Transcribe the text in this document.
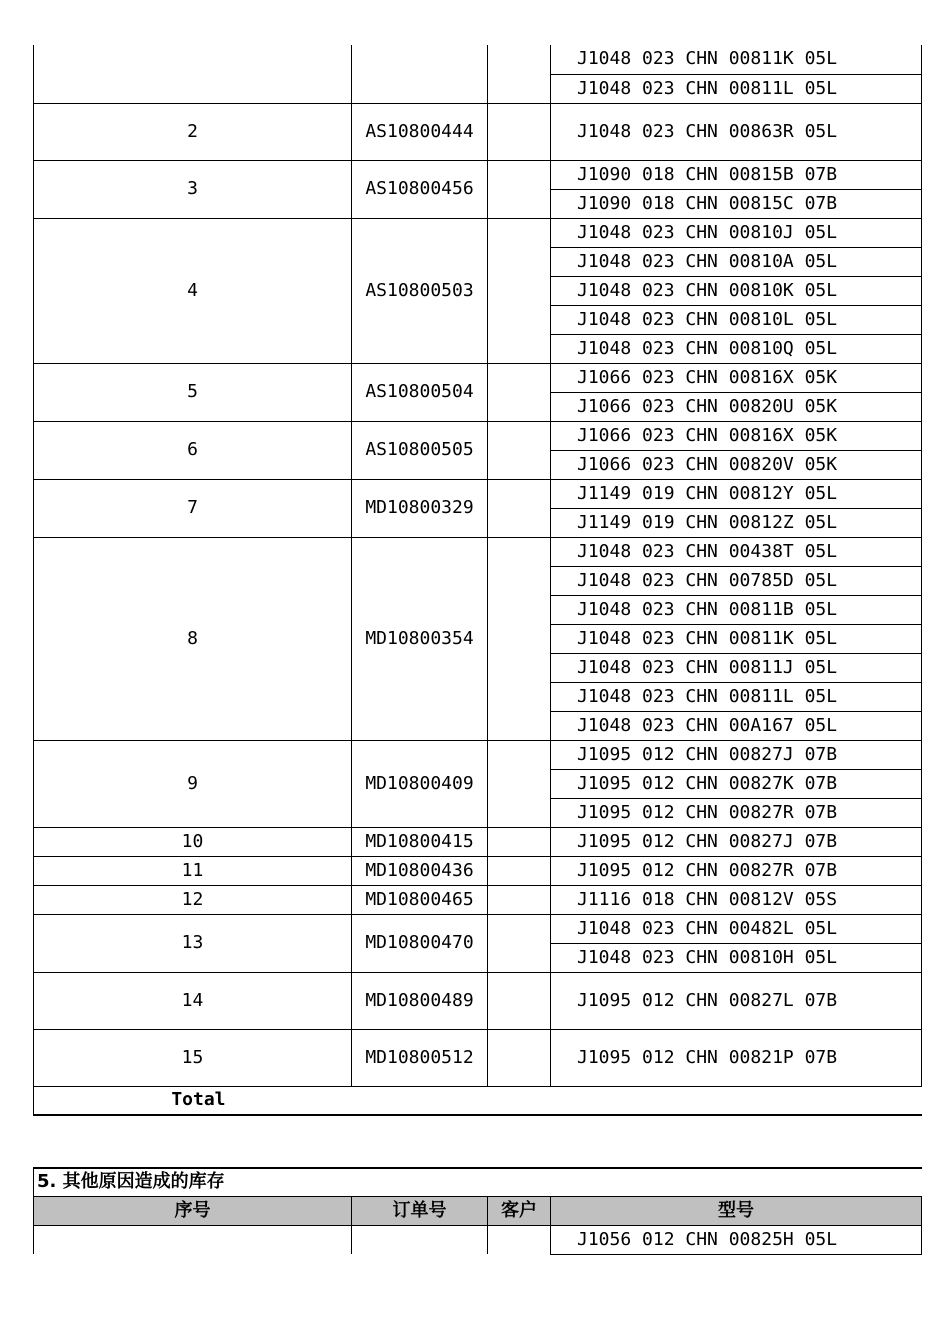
			J1048 023 CHN 00811K 05L
			J1048 023 CHN 00811L 05L
2	AS10800444		J1048 023 CHN 00863R 05L
3	AS10800456		J1090 018 CHN 00815B 07B
			J1090 018 CHN 00815C 07B
4	AS10800503		J1048 023 CHN 00810J 05L
			J1048 023 CHN 00810A 05L
			J1048 023 CHN 00810K 05L
			J1048 023 CHN 00810L 05L
			J1048 023 CHN 00810Q 05L
5	AS10800504		J1066 023 CHN 00816X 05K
			J1066 023 CHN 00820U 05K
6	AS10800505		J1066 023 CHN 00816X 05K
			J1066 023 CHN 00820V 05K
7	MD10800329		J1149 019 CHN 00812Y 05L
			J1149 019 CHN 00812Z 05L
8	MD10800354		J1048 023 CHN 00438T 05L
			J1048 023 CHN 00785D 05L
			J1048 023 CHN 00811B 05L
			J1048 023 CHN 00811K 05L
			J1048 023 CHN 00811J 05L
			J1048 023 CHN 00811L 05L
			J1048 023 CHN 00A167 05L
9	MD10800409		J1095 012 CHN 00827J 07B
			J1095 012 CHN 00827K 07B
			J1095 012 CHN 00827R 07B
10	MD10800415		J1095 012 CHN 00827J 07B
11	MD10800436		J1095 012 CHN 00827R 07B
12	MD10800465		J1116 018 CHN 00812V 05S
13	MD10800470		J1048 023 CHN 00482L 05L
			J1048 023 CHN 00810H 05L
14	MD10800489		J1095 012 CHN 00827L 07B
15	MD10800512		J1095 012 CHN 00821P 07B
Total			
5. 其他原因造成的库存			
序号	订单号	客户	型号
			J1056 012 CHN 00825H 05L
